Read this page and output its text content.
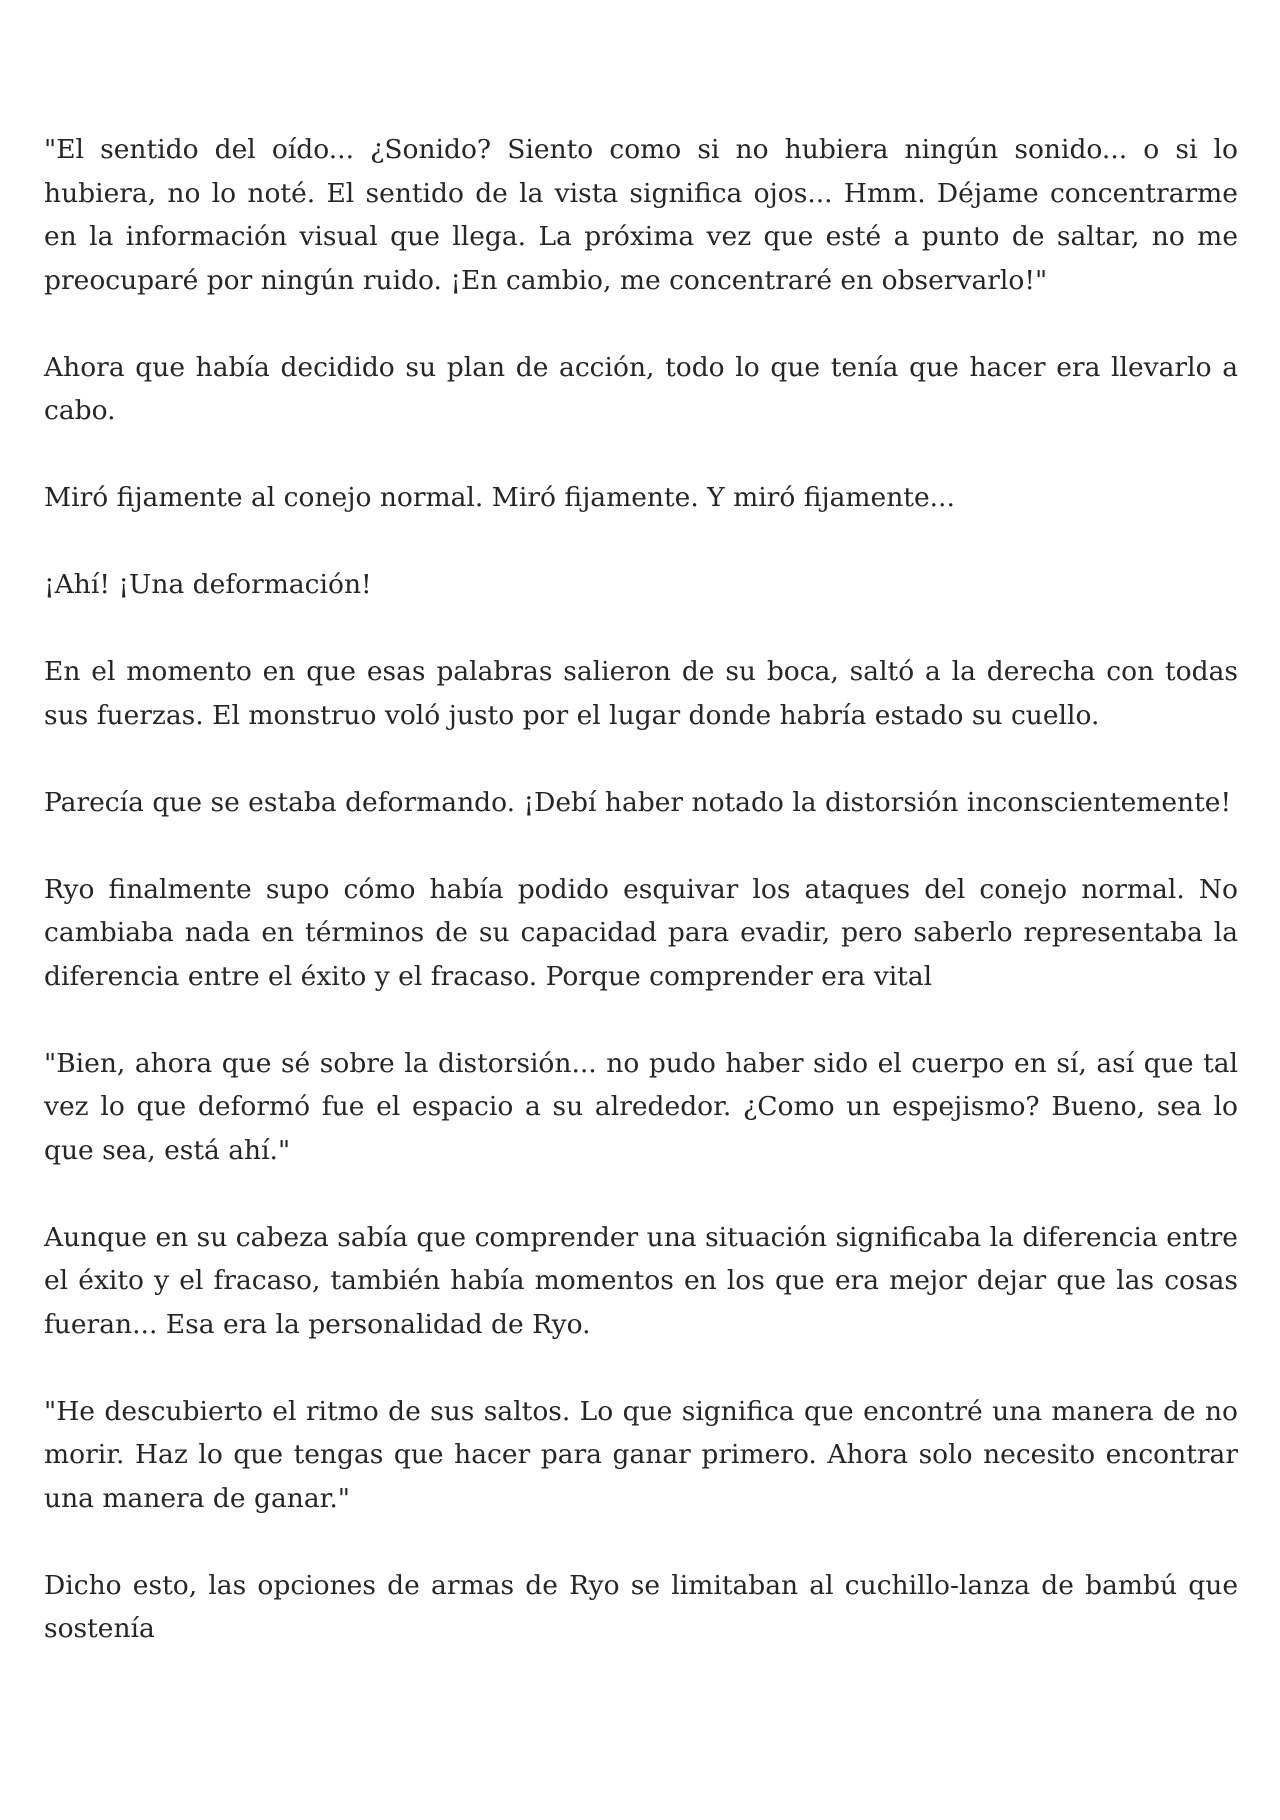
"El sentido del oído... ¿Sonido? Siento como si no hubiera ningún sonido... o si lo hubiera, no lo noté. El sentido de la vista significa ojos... Hmm. Déjame concentrarme en la información visual que llega. La próxima vez que esté a punto de saltar, no me preocuparé por ningún ruido. ¡En cambio, me concentraré en observarlo!"

Ahora que había decidido su plan de acción, todo lo que tenía que hacer era llevarlo a cabo.

Miró fijamente al conejo normal. Miró fijamente. Y miró fijamente...

¡Ahí! ¡Una deformación!

En el momento en que esas palabras salieron de su boca, saltó a la derecha con todas sus fuerzas. El monstruo voló justo por el lugar donde habría estado su cuello.

Parecía que se estaba deformando. ¡Debí haber notado la distorsión inconscientemente!

Ryo finalmente supo cómo había podido esquivar los ataques del conejo normal. No cambiaba nada en términos de su capacidad para evadir, pero saberlo representaba la diferencia entre el éxito y el fracaso. Porque comprender era vital

"Bien, ahora que sé sobre la distorsión... no pudo haber sido el cuerpo en sí, así que tal vez lo que deformó fue el espacio a su alrededor. ¿Como un espejismo? Bueno, sea lo que sea, está ahí."

Aunque en su cabeza sabía que comprender una situación significaba la diferencia entre el éxito y el fracaso, también había momentos en los que era mejor dejar que las cosas fueran... Esa era la personalidad de Ryo.

"He descubierto el ritmo de sus saltos. Lo que significa que encontré una manera de no morir. Haz lo que tengas que hacer para ganar primero. Ahora solo necesito encontrar una manera de ganar."

Dicho esto, las opciones de armas de Ryo se limitaban al cuchillo-lanza de bambú que sostenía
